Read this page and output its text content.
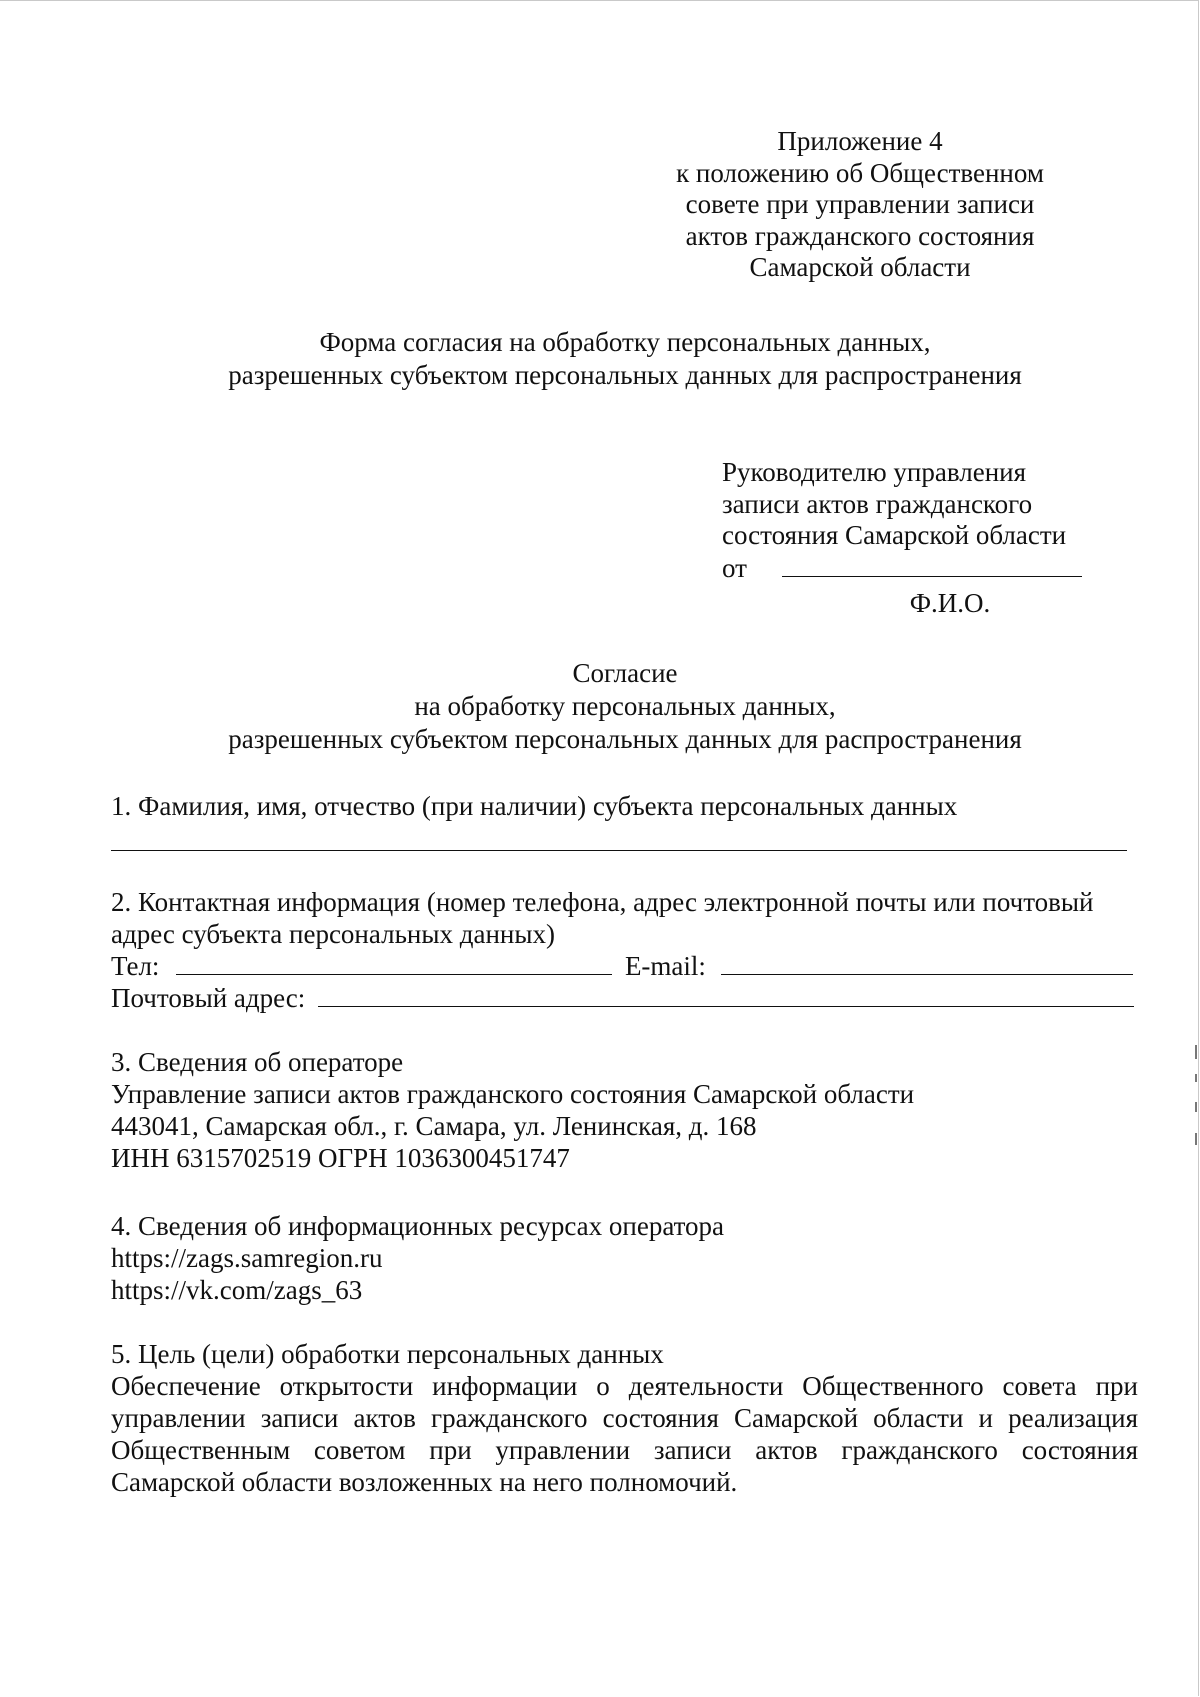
Приложение 4
к положению об Общественном
совете при управлении записи
актов гражданского состояния
Самарской области
Форма согласия на обработку персональных данных,
разрешенных субъектом персональных данных для распространения
Руководителю управления
записи актов гражданского
состояния Самарской области
от
Ф.И.О.
Согласие
на обработку персональных данных,
разрешенных субъектом персональных данных для распространения
1. Фамилия, имя, отчество (при наличии) субъекта персональных данных
2. Контактная информация (номер телефона, адрес электронной почты или почтовый
адрес субъекта персональных данных)
Тел:	E-mail:
Почтовый адрес:
3. Сведения об операторе
Управление записи актов гражданского состояния Самарской области
443041, Самарская обл., г. Самара, ул. Ленинская, д. 168
ИНН 6315702519 ОГРН 1036300451747
4. Сведения об информационных ресурсах оператора
https://zags.samregion.ru
https://vk.com/zags_63
5. Цель (цели) обработки персональных данных
Обеспечение открытости информации о деятельности Общественного совета при управлении записи актов гражданского состояния Самарской области и реализация Общественным советом при управлении записи актов гражданского состояния Самарской области возложенных на него полномочий.
